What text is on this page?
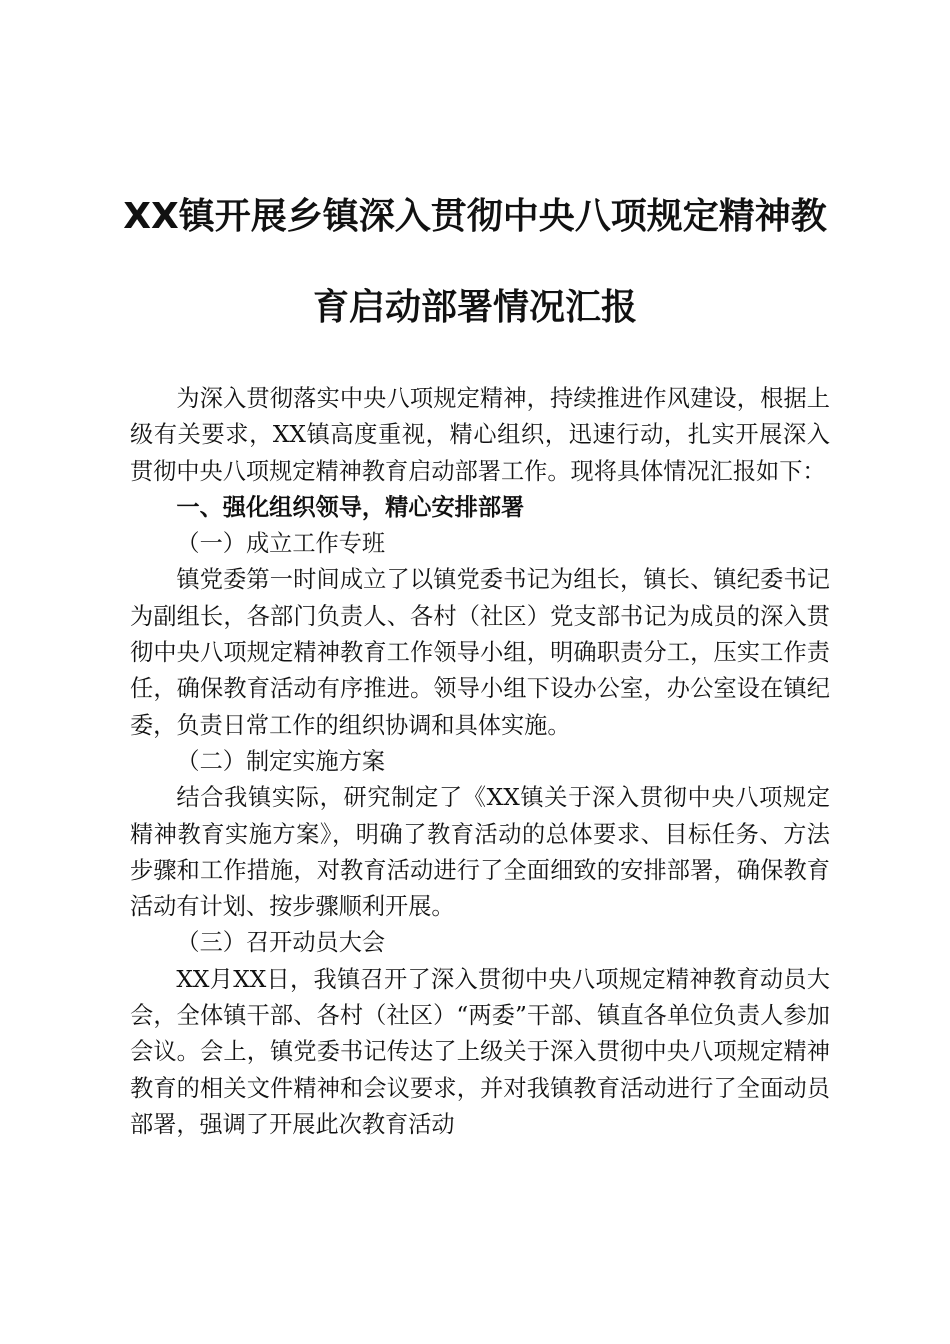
XX镇开展乡镇深入贯彻中央八项规定精神教
育启动部署情况汇报

为深入贯彻落实中央八项规定精神，持续推进作风建设，根据上级有关要求，XX镇高度重视，精心组织，迅速行动，扎实开展深入贯彻中央八项规定精神教育启动部署工作。现将具体情况汇报如下：

一、强化组织领导，精心安排部署

（一）成立工作专班

镇党委第一时间成立了以镇党委书记为组长，镇长、镇纪委书记为副组长，各部门负责人、各村（社区）党支部书记为成员的深入贯彻中央八项规定精神教育工作领导小组，明确职责分工，压实工作责任，确保教育活动有序推进。领导小组下设办公室，办公室设在镇纪委，负责日常工作的组织协调和具体实施。

（二）制定实施方案

结合我镇实际，研究制定了《XX镇关于深入贯彻中央八项规定精神教育实施方案》，明确了教育活动的总体要求、目标任务、方法步骤和工作措施，对教育活动进行了全面细致的安排部署，确保教育活动有计划、按步骤顺利开展。

（三）召开动员大会

XX月XX日，我镇召开了深入贯彻中央八项规定精神教育动员大会，全体镇干部、各村（社区）“两委”干部、镇直各单位负责人参加会议。会上，镇党委书记传达了上级关于深入贯彻中央八项规定精神教育的相关文件精神和会议要求，并对我镇教育活动进行了全面动员部署，强调了开展此次教育活动
